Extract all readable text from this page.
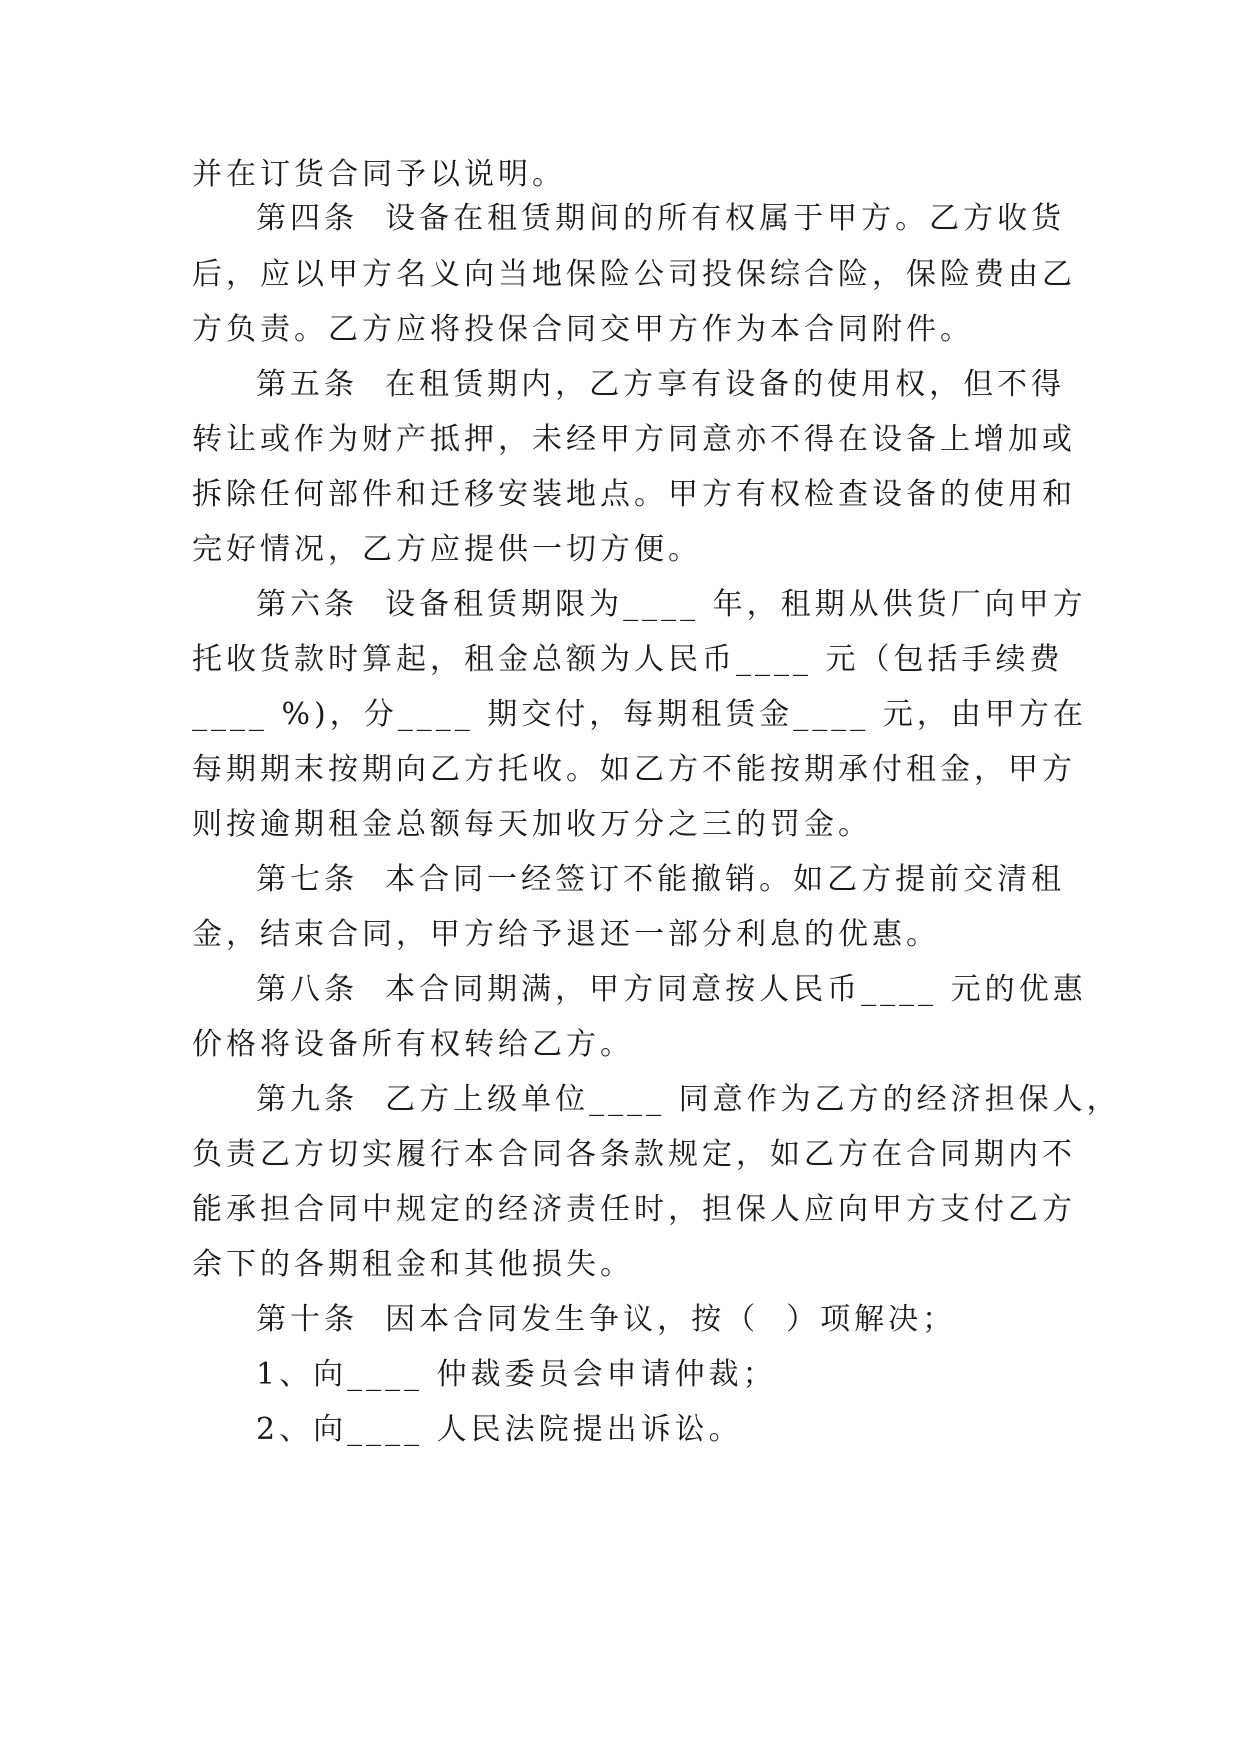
并在订货合同予以说明。
第四条  设备在租赁期间的所有权属于甲方。乙方收货
后，应以甲方名义向当地保险公司投保综合险，保险费由乙
方负责。乙方应将投保合同交甲方作为本合同附件。
第五条  在租赁期内，乙方享有设备的使用权，但不得
转让或作为财产抵押，未经甲方同意亦不得在设备上增加或
拆除任何部件和迁移安装地点。甲方有权检查设备的使用和
完好情况，乙方应提供一切方便。
第六条  设备租赁期限为____ 年，租期从供货厂向甲方
托收货款时算起，租金总额为人民币____ 元（包括手续费
____ %)，分____ 期交付，每期租赁金____ 元，由甲方在
每期期末按期向乙方托收。如乙方不能按期承付租金，甲方
则按逾期租金总额每天加收万分之三的罚金。
第七条  本合同一经签订不能撤销。如乙方提前交清租
金，结束合同，甲方给予退还一部分利息的优惠。
第八条  本合同期满，甲方同意按人民币____ 元的优惠
价格将设备所有权转给乙方。
第九条  乙方上级单位____ 同意作为乙方的经济担保人，
负责乙方切实履行本合同各条款规定，如乙方在合同期内不
能承担合同中规定的经济责任时，担保人应向甲方支付乙方
余下的各期租金和其他损失。
第十条  因本合同发生争议，按（  ）项解决；
1、向____ 仲裁委员会申请仲裁；
2、向____ 人民法院提出诉讼。
